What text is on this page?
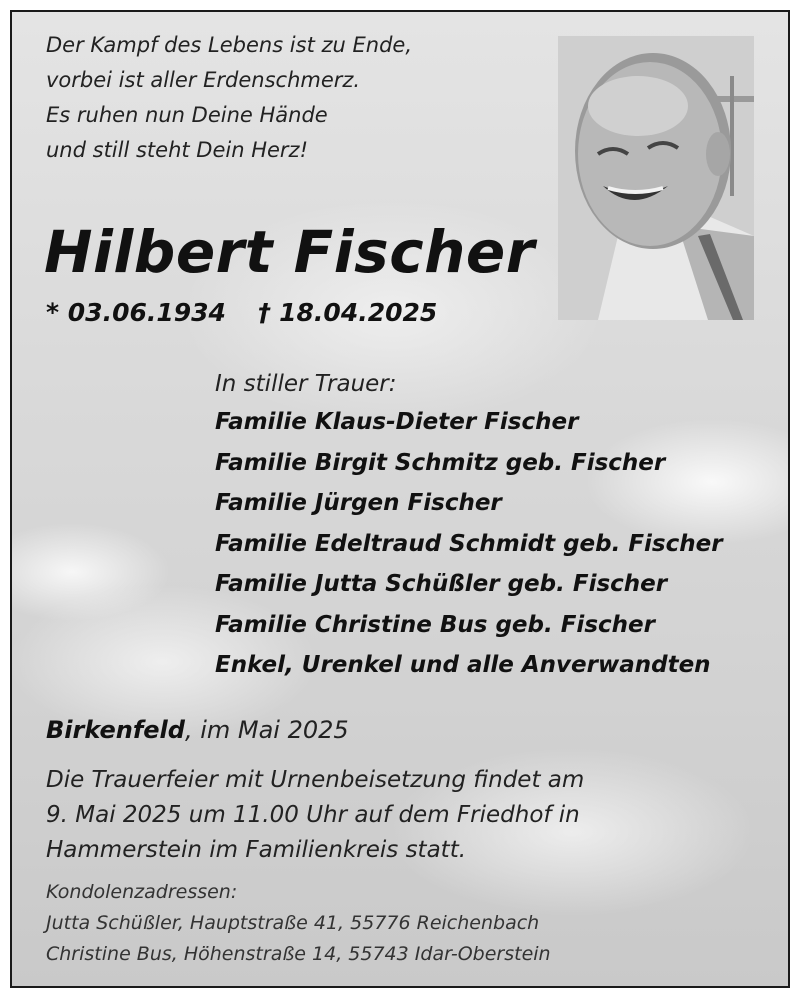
Der Kampf des Lebens ist zu Ende,
vorbei ist aller Erdenschmerz.
Es ruhen nun Deine Hände
und still steht Dein Herz!
Hilbert Fischer
* 03.06.1934 † 18.04.2025
In stiller Trauer:
Familie Klaus-Dieter Fischer
Familie Birgit Schmitz geb. Fischer
Familie Jürgen Fischer
Familie Edeltraud Schmidt geb. Fischer
Familie Jutta Schüßler geb. Fischer
Familie Christine Bus geb. Fischer
Enkel, Urenkel und alle Anverwandten
Birkenfeld, im Mai 2025
Die Trauerfeier mit Urnenbeisetzung findet am
9. Mai 2025 um 11.00 Uhr auf dem Friedhof in
Hammerstein im Familienkreis statt.
Kondolenzadressen:
Jutta Schüßler, Hauptstraße 41, 55776 Reichenbach
Christine Bus, Höhenstraße 14, 55743 Idar-Oberstein
